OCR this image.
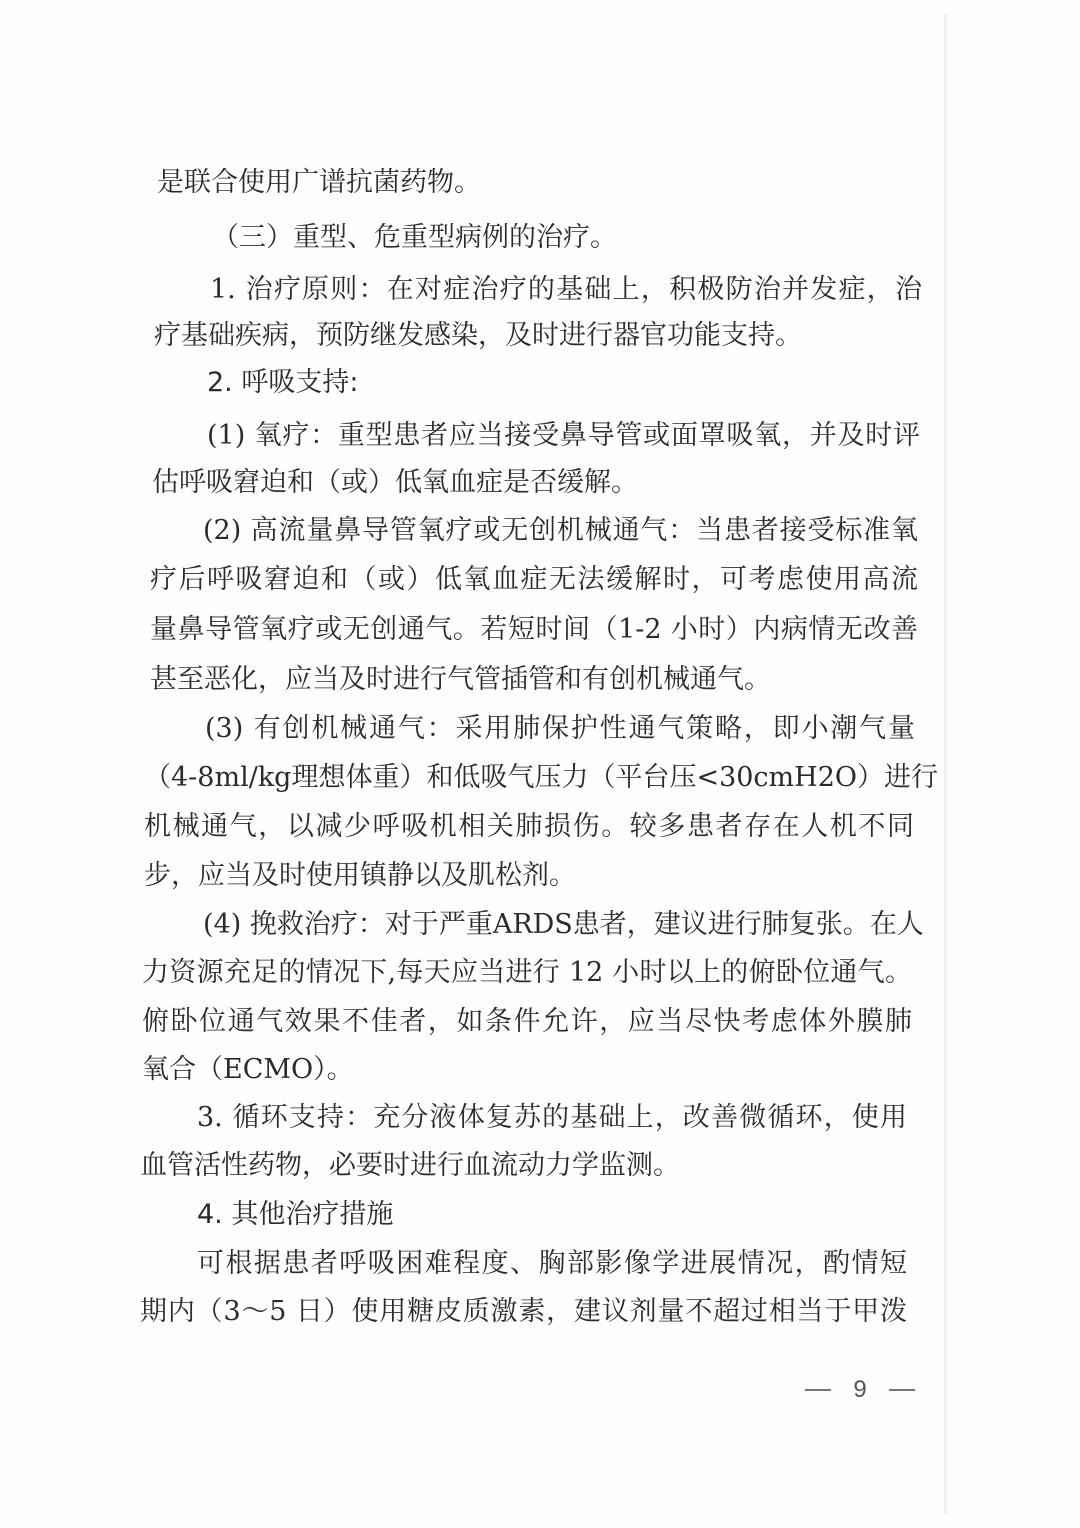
是联合使用广谱抗菌药物。
（三）重型、危重型病例的治疗。
1. 治疗原则：在对症治疗的基础上，积极防治并发症，治
疗基础疾病，预防继发感染，及时进行器官功能支持。
2. 呼吸支持:
(1) 氧疗：重型患者应当接受鼻导管或面罩吸氧，并及时评
估呼吸窘迫和（或）低氧血症是否缓解。
(2) 高流量鼻导管氧疗或无创机械通气：当患者接受标准氧
疗后呼吸窘迫和（或）低氧血症无法缓解时，可考虑使用高流
量鼻导管氧疗或无创通气。若短时间（1-2 小时）内病情无改善
甚至恶化，应当及时进行气管插管和有创机械通气。
(3) 有创机械通气：采用肺保护性通气策略，即小潮气量
（4-8ml/kg理想体重）和低吸气压力（平台压<30cmH2O）进行
机械通气，以减少呼吸机相关肺损伤。较多患者存在人机不同
步，应当及时使用镇静以及肌松剂。
(4) 挽救治疗：对于严重ARDS患者，建议进行肺复张。在人
力资源充足的情况下,每天应当进行 12 小时以上的俯卧位通气。
俯卧位通气效果不佳者，如条件允许，应当尽快考虑体外膜肺
氧合（ECMO）。
3. 循环支持：充分液体复苏的基础上，改善微循环，使用
血管活性药物，必要时进行血流动力学监测。
4. 其他治疗措施
可根据患者呼吸困难程度、胸部影像学进展情况，酌情短
期内（3～5 日）使用糖皮质激素，建议剂量不超过相当于甲泼
9
